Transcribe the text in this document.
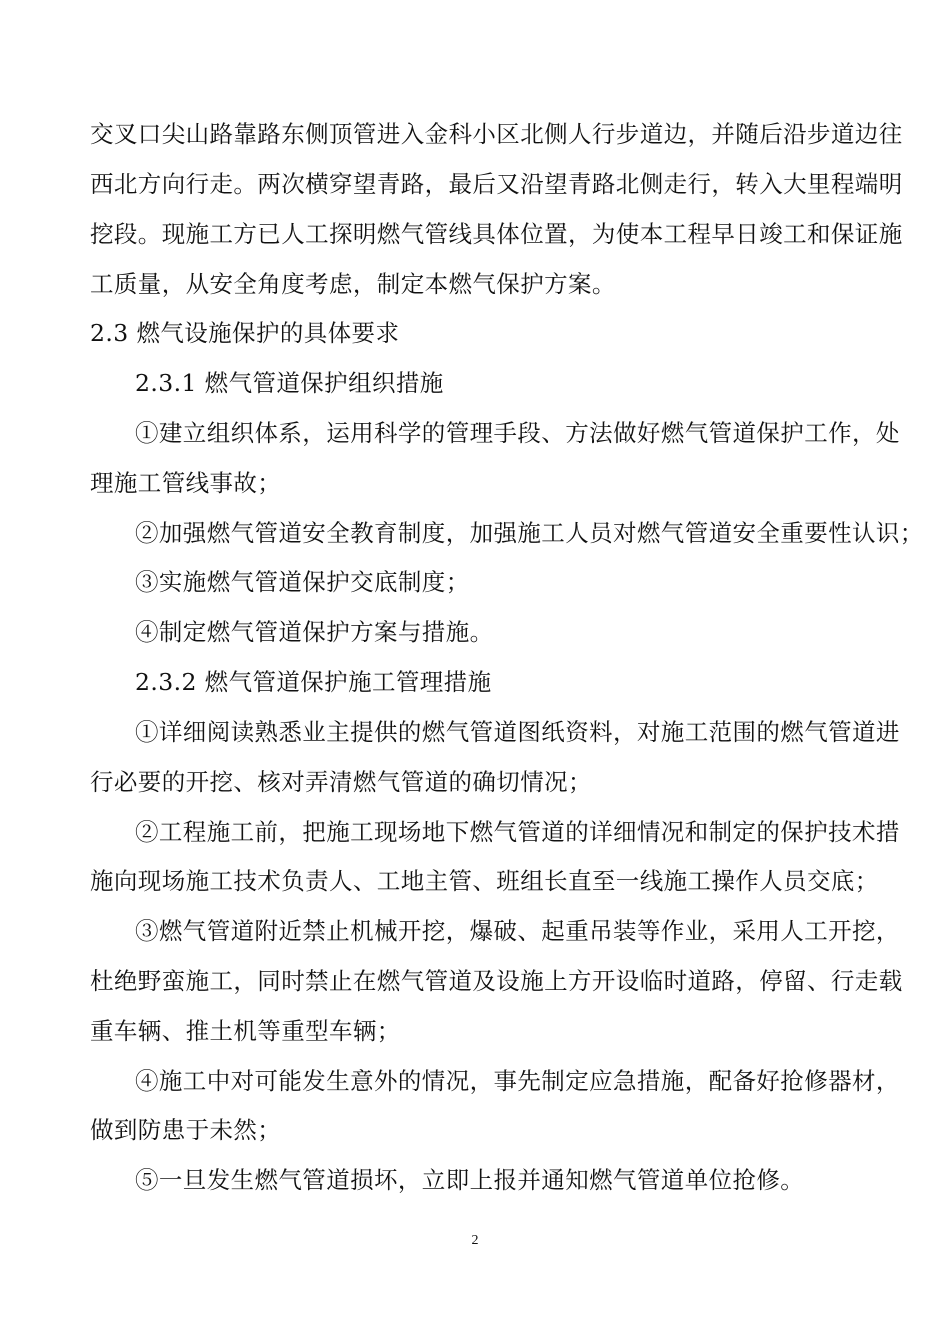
交叉口尖山路靠路东侧顶管进入金科小区北侧人行步道边，并随后沿步道边往
西北方向行走。两次横穿望青路，最后又沿望青路北侧走行，转入大里程端明
挖段。现施工方已人工探明燃气管线具体位置，为使本工程早日竣工和保证施
工质量，从安全角度考虑，制定本燃气保护方案。
2.3 燃气设施保护的具体要求
2.3.1 燃气管道保护组织措施
①建立组织体系，运用科学的管理手段、方法做好燃气管道保护工作，处
理施工管线事故；
②加强燃气管道安全教育制度，加强施工人员对燃气管道安全重要性认识；
③实施燃气管道保护交底制度；
④制定燃气管道保护方案与措施。
2.3.2 燃气管道保护施工管理措施
①详细阅读熟悉业主提供的燃气管道图纸资料，对施工范围的燃气管道进
行必要的开挖、核对弄清燃气管道的确切情况；
②工程施工前，把施工现场地下燃气管道的详细情况和制定的保护技术措
施向现场施工技术负责人、工地主管、班组长直至一线施工操作人员交底；
③燃气管道附近禁止机械开挖，爆破、起重吊装等作业，采用人工开挖，
杜绝野蛮施工，同时禁止在燃气管道及设施上方开设临时道路，停留、行走载
重车辆、推土机等重型车辆；
④施工中对可能发生意外的情况，事先制定应急措施，配备好抢修器材，
做到防患于未然；
⑤一旦发生燃气管道损坏，立即上报并通知燃气管道单位抢修。
2
